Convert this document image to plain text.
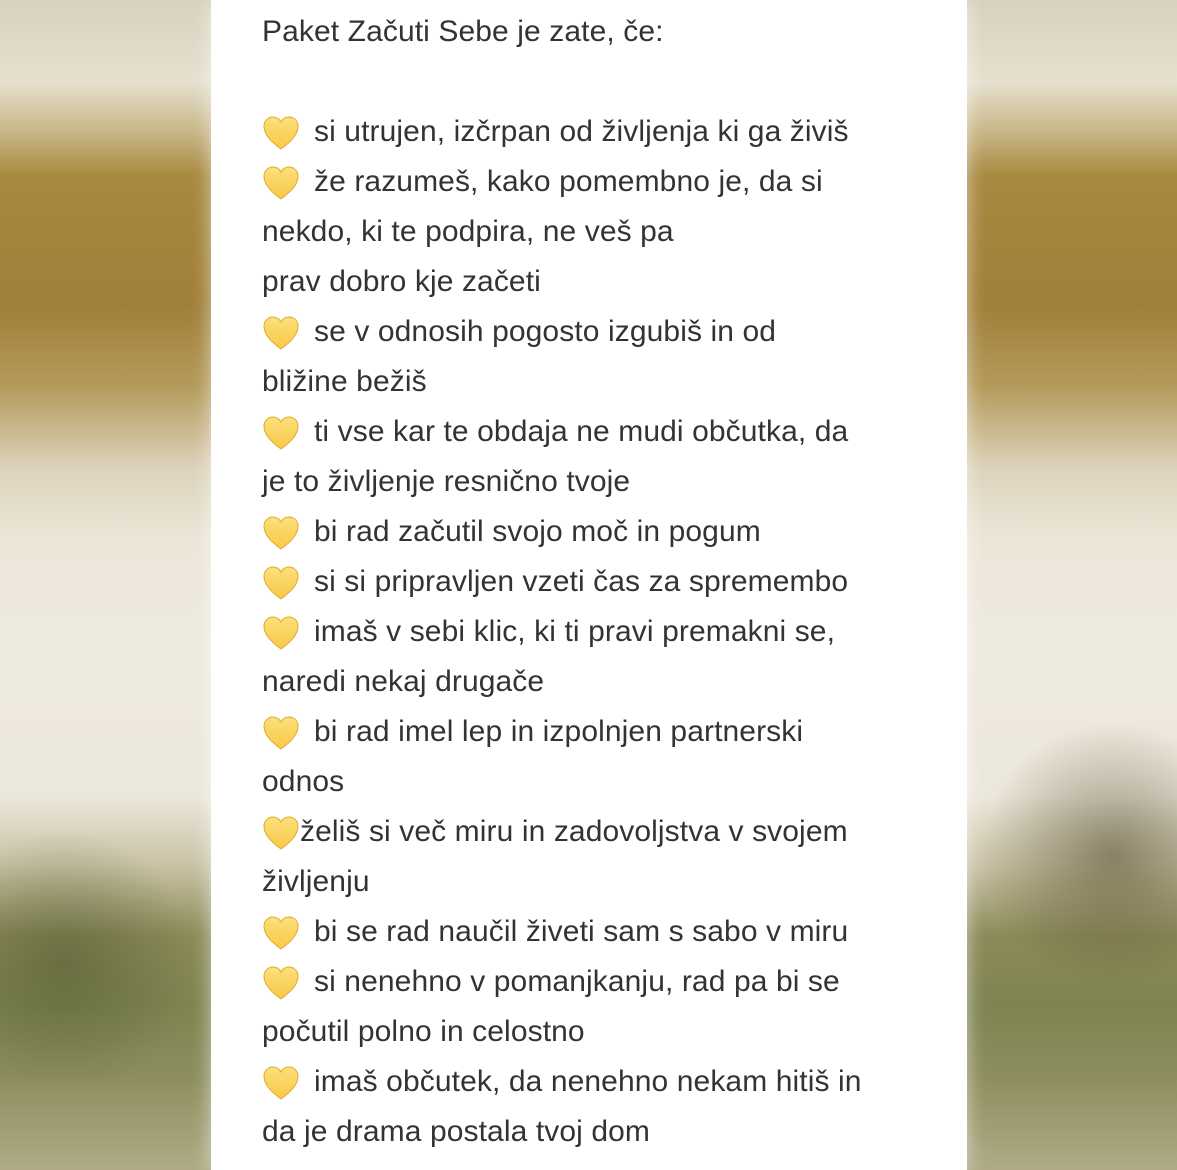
Paket Začuti Sebe je zate, če:
si utrujen, izčrpan od življenja ki ga živiš
že razumeš, kako pomembno je, da si
nekdo, ki te podpira, ne veš pa
prav dobro kje začeti
se v odnosih pogosto izgubiš in od
bližine bežiš
ti vse kar te obdaja ne mudi občutka, da
je to življenje resnično tvoje
bi rad začutil svojo moč in pogum
si si pripravljen vzeti čas za spremembo
imaš v sebi klic, ki ti pravi premakni se,
naredi nekaj drugače
bi rad imel lep in izpolnjen partnerski
odnos
želiš si več miru in zadovoljstva v svojem
življenju
bi se rad naučil živeti sam s sabo v miru
si nenehno v pomanjkanju, rad pa bi se
počutil polno in celostno
imaš občutek, da nenehno nekam hitiš in
da je drama postala tvoj dom
